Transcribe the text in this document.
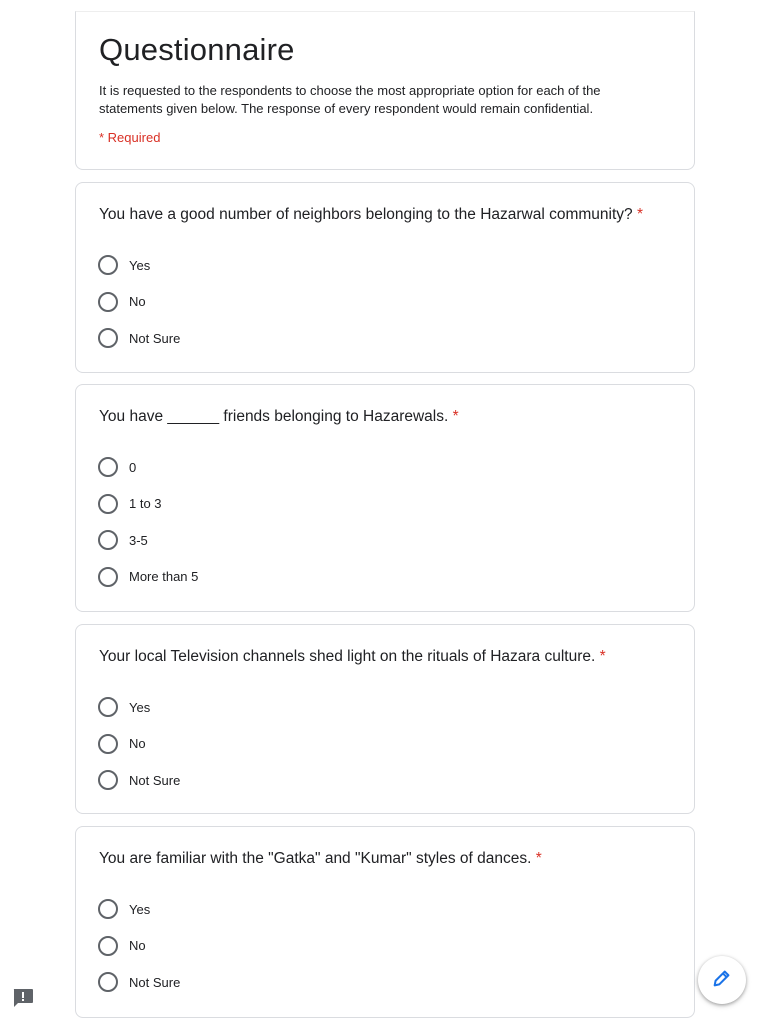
Questionnaire
It is requested to the respondents to choose the most appropriate option for each of the statements given below. The response of every respondent would remain confidential.
* Required
You have a good number of neighbors belonging to the Hazarwal community? *
Yes
No
Not Sure
You have ______ friends belonging to Hazarewals. *
0
1 to 3
3-5
More than 5
Your local Television channels shed light on the rituals of Hazara culture. *
Yes
No
Not Sure
You are familiar with the "Gatka" and "Kumar" styles of dances. *
Yes
No
Not Sure
